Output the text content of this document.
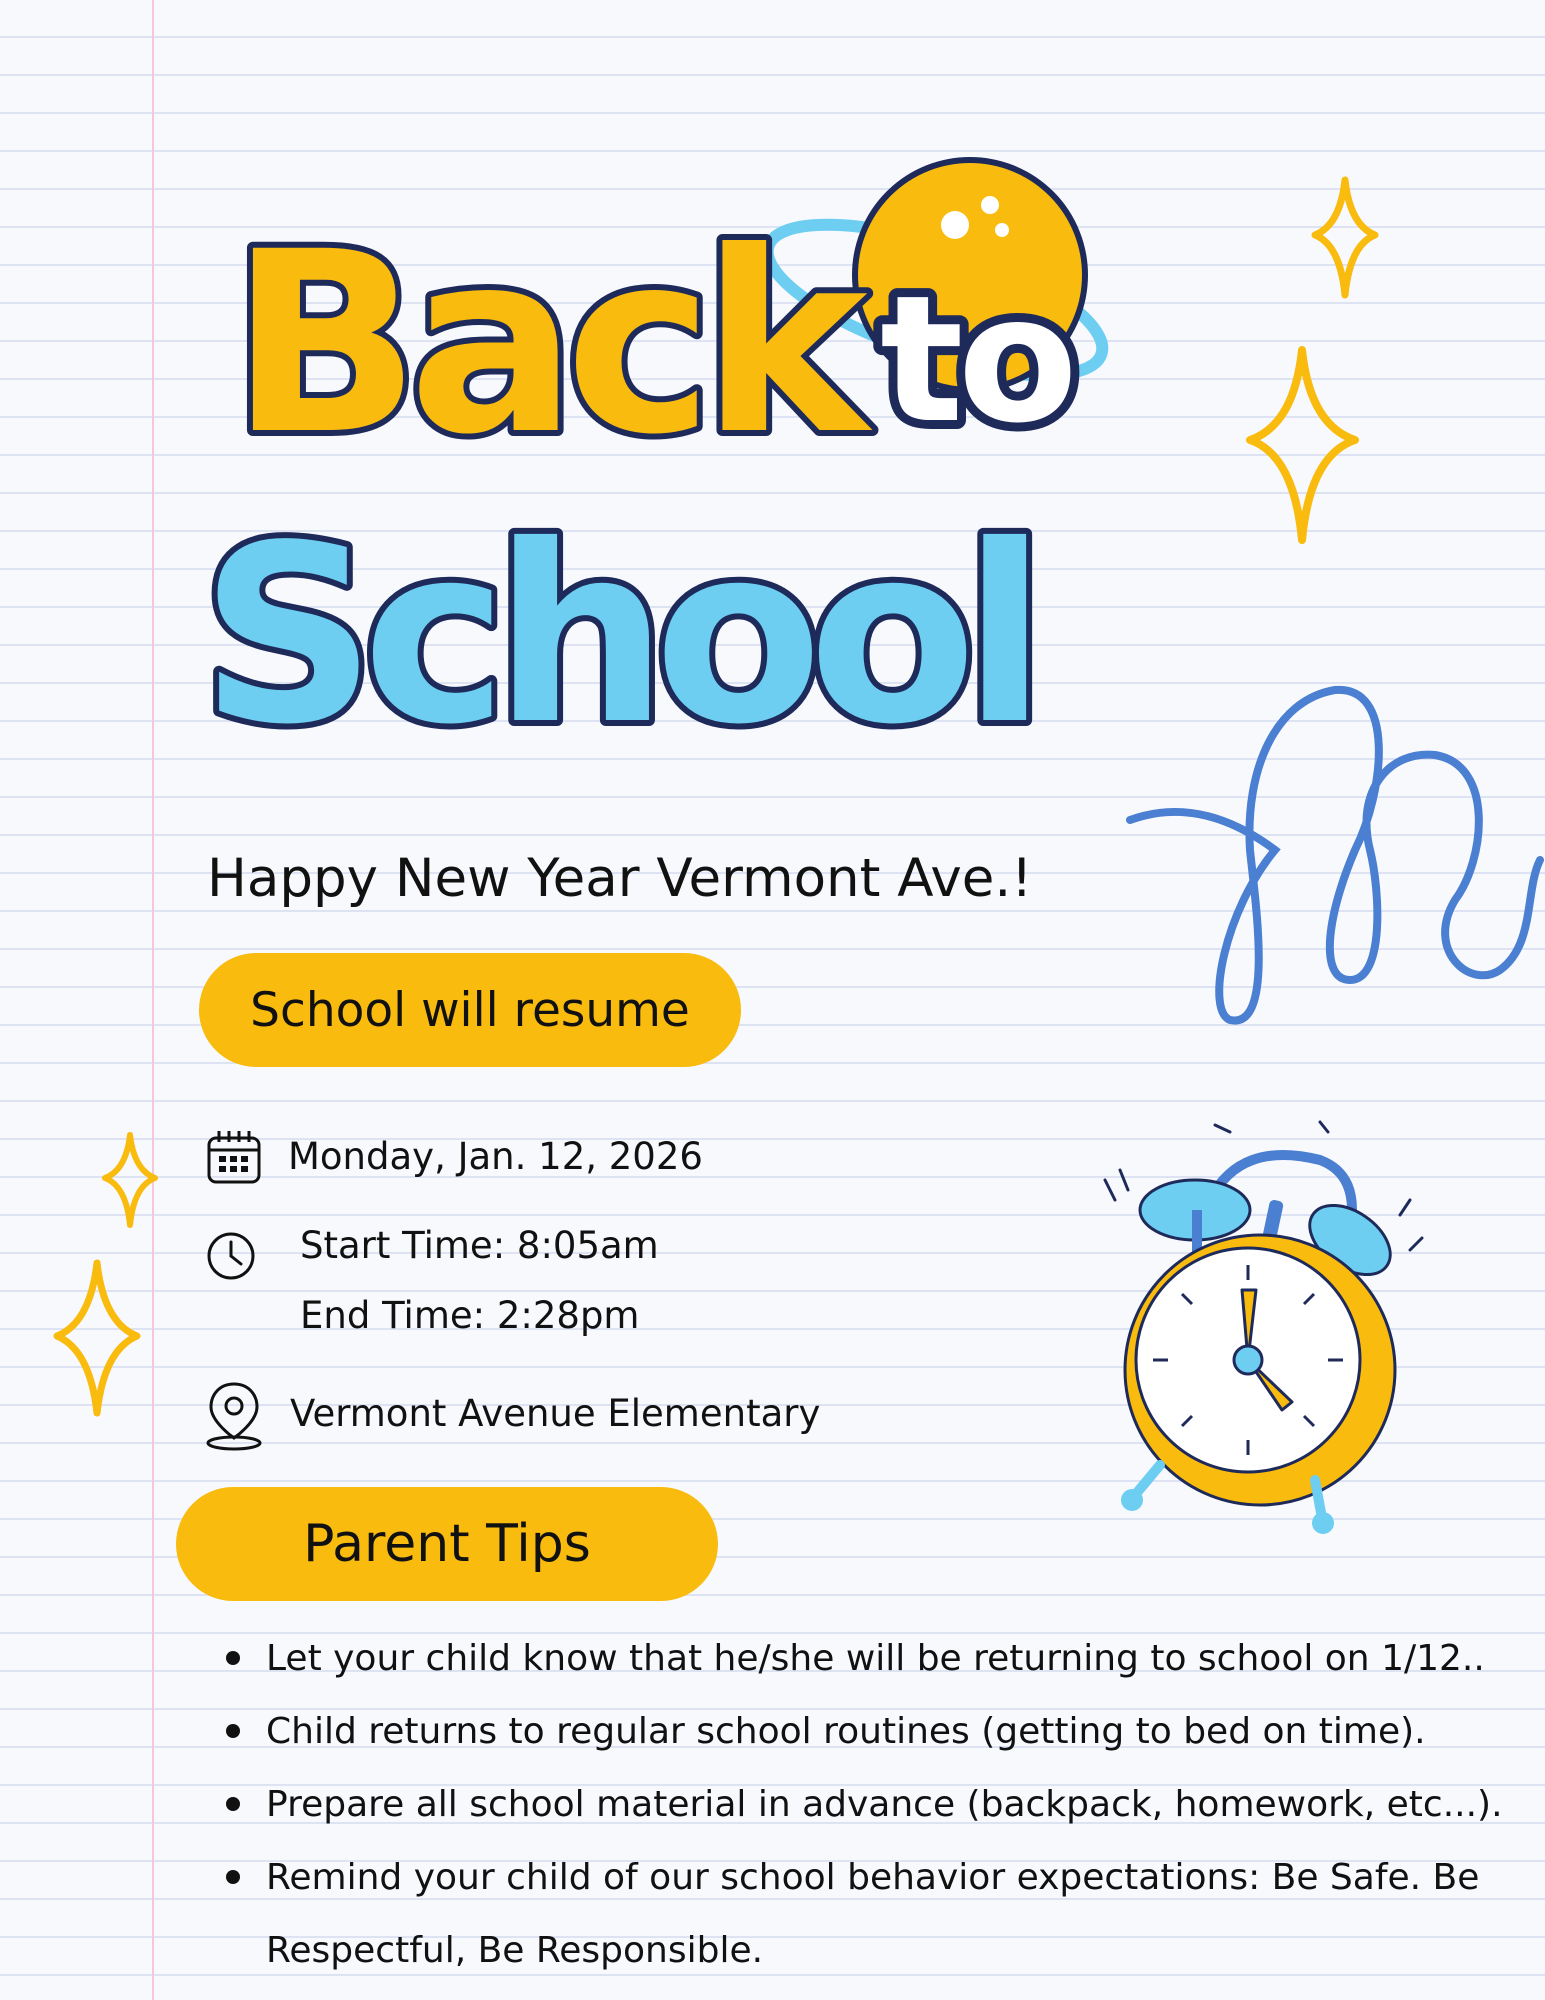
Back to
School
Happy New Year Vermont Ave.!
School will resume
Monday, Jan. 12, 2026
Start Time: 8:05am
End Time: 2:28pm
Vermont Avenue Elementary
Parent Tips
Let your child know that he/she will be returning to school on 1/12..
Child returns to regular school routines (getting to bed on time).
Prepare all school material in advance (backpack, homework, etc...).
Remind your child of our school behavior expectations: Be Safe. Be Respectful, Be Responsible.
